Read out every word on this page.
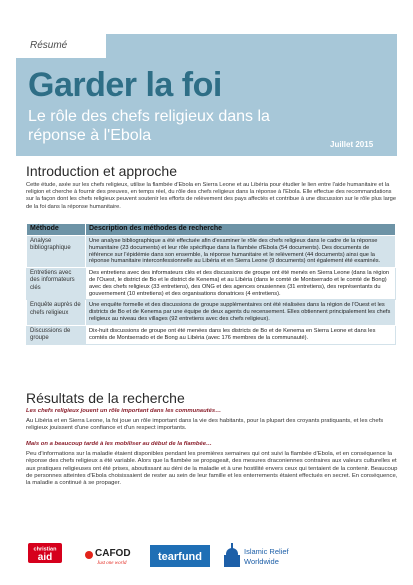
Résumé
Garder la foi
Le rôle des chefs religieux dans la réponse à l'Ebola
Juillet 2015
Introduction et approche
Cette étude, axée sur les chefs religieux, utilise la flambée d'Ebola en Sierra Leone et au Libéria pour étudier le lien entre l'aide humanitaire et la religion et cherche à fournir des preuves, en temps réel, du rôle des chefs religieux dans la réponse à l'Ebola. Elle effectue des recommandations sur la façon dont les chefs religieux peuvent soutenir les efforts de relèvement des pays affectés et contribue à une discussion sur le rôle plus large de la foi dans la réponse humanitaire.
Méthode	Description des méthodes de recherche
Analyse bibliographique	Une analyse bibliographique a été effectuée afin d'examiner le rôle des chefs religieux dans le cadre de la réponse humanitaire (23 documents) et leur rôle spécifique dans la flambée d'Ebola (54 documents). Des documents de référence sur l'épidémie dans son ensemble, la réponse humanitaire et le relèvement (44 documents) ainsi que la réponse humanitaire interconfessionnelle au Libéria et en Sierra Leone (9 documents) ont également été examinés.
Entretiens avec des informateurs clés	Des entretiens avec des informateurs clés et des discussions de groupe ont été menés en Sierra Leone (dans la région de l'Ouest, le district de Bo et le district de Kenema) et au Libéria (dans le comté de Montserrado et le comté de Bong) avec des chefs religieux (33 entretiens), des ONG et des agences onusiennes (31 entretiens), des représentants du gouvernement (10 entretiens) et des organisations donatrices (4 entretiens).
Enquête auprès de chefs religieux	Une enquête formelle et des discussions de groupe supplémentaires ont été réalisées dans la région de l'Ouest et les districts de Bo et de Kenema par une équipe de deux agents du recensement. Elles obtiennent principalement les chefs religieux au niveau des villages (92 entretiens avec des chefs religieux).
Discussions de groupe	Dix-huit discussions de groupe ont été menées dans les districts de Bo et de Kenema en Sierra Leone et dans les comtés de Montserrado et de Bong au Libéria (avec 176 membres de la communauté).
Résultats de la recherche
Les chefs religieux jouent un rôle important dans les communautés…
Au Libéria et en Sierra Leone, la foi joue un rôle important dans la vie des habitants, pour la plupart des croyants pratiquants, et les chefs religieux jouissent d'une confiance et d'un respect importants.
Mais on a beaucoup tardé à les mobiliser au début de la flambée…
Peu d'informations sur la maladie étaient disponibles pendant les premières semaines qui ont suivi la flambée d'Ebola, et en conséquence la réponse des chefs religieux a été variable. Alors que la flambée se propageait, des mesures draconiennes contraires aux valeurs culturelles et aux pratiques religieuses ont été prises, aboutissant au déni de la maladie et à une hostilité envers ceux qui tentaient de la contenir. Beaucoup de personnes atteintes d'Ebola choisissaient de rester au sein de leur famille et les enterrements étaient effectués en secret. En conséquence, la maladie a continué à se propager.
christian
aid	CAFOD
Just one world
tearfund	Islamic Relief
Worldwide
